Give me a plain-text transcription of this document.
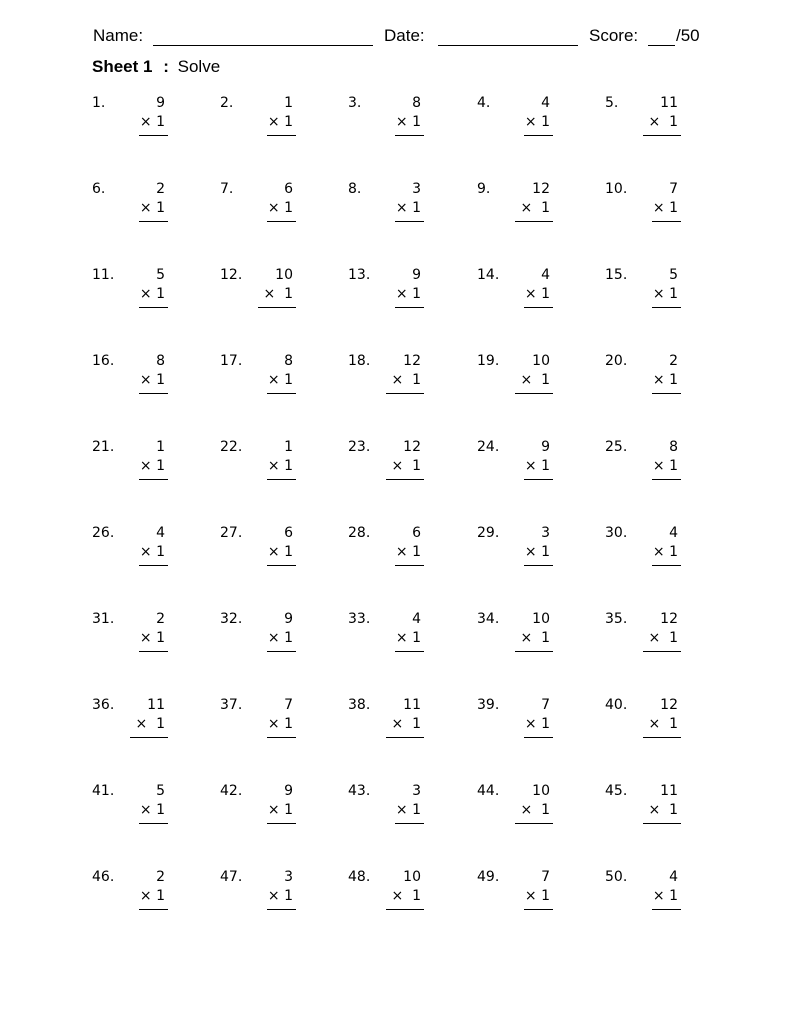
Name:	Date:	Score: /50
Sheet 1 : Solve
1.	9
× 1
2.	1
× 1
3.	8
× 1
4.	4
× 1
5.	11
×  1
6.	2
× 1
7.	6
× 1
8.	3
× 1
9.	12
×  1
10.	7
× 1
11.	5
× 1
12. 10
×  1
13.	9
× 1
14.	4
× 1
15.	5
× 1
16.	8
× 1
17.	8
× 1
18. 12
×  1
19. 10
×  1
20.	2
× 1
21.	1
× 1
22.	1
× 1
23. 12
×  1
24.	9
× 1
25.	8
× 1
26.	4
× 1
27.	6
× 1
28.	6
× 1
29.	3
× 1
30.	4
× 1
31.	2
× 1
32.	9
× 1
33.	4
× 1
34. 10
×  1
35. 12
×  1
36. 11
×  1
37.	7
× 1
38. 11
×  1
39.	7
× 1
40. 12
×  1
41.	5
× 1
42.	9
× 1
43.	3
× 1
44. 10
×  1
45. 11
×  1
46.	2
× 1
47.	3
× 1
48. 10
×  1
49.	7
× 1
50.	4
× 1
